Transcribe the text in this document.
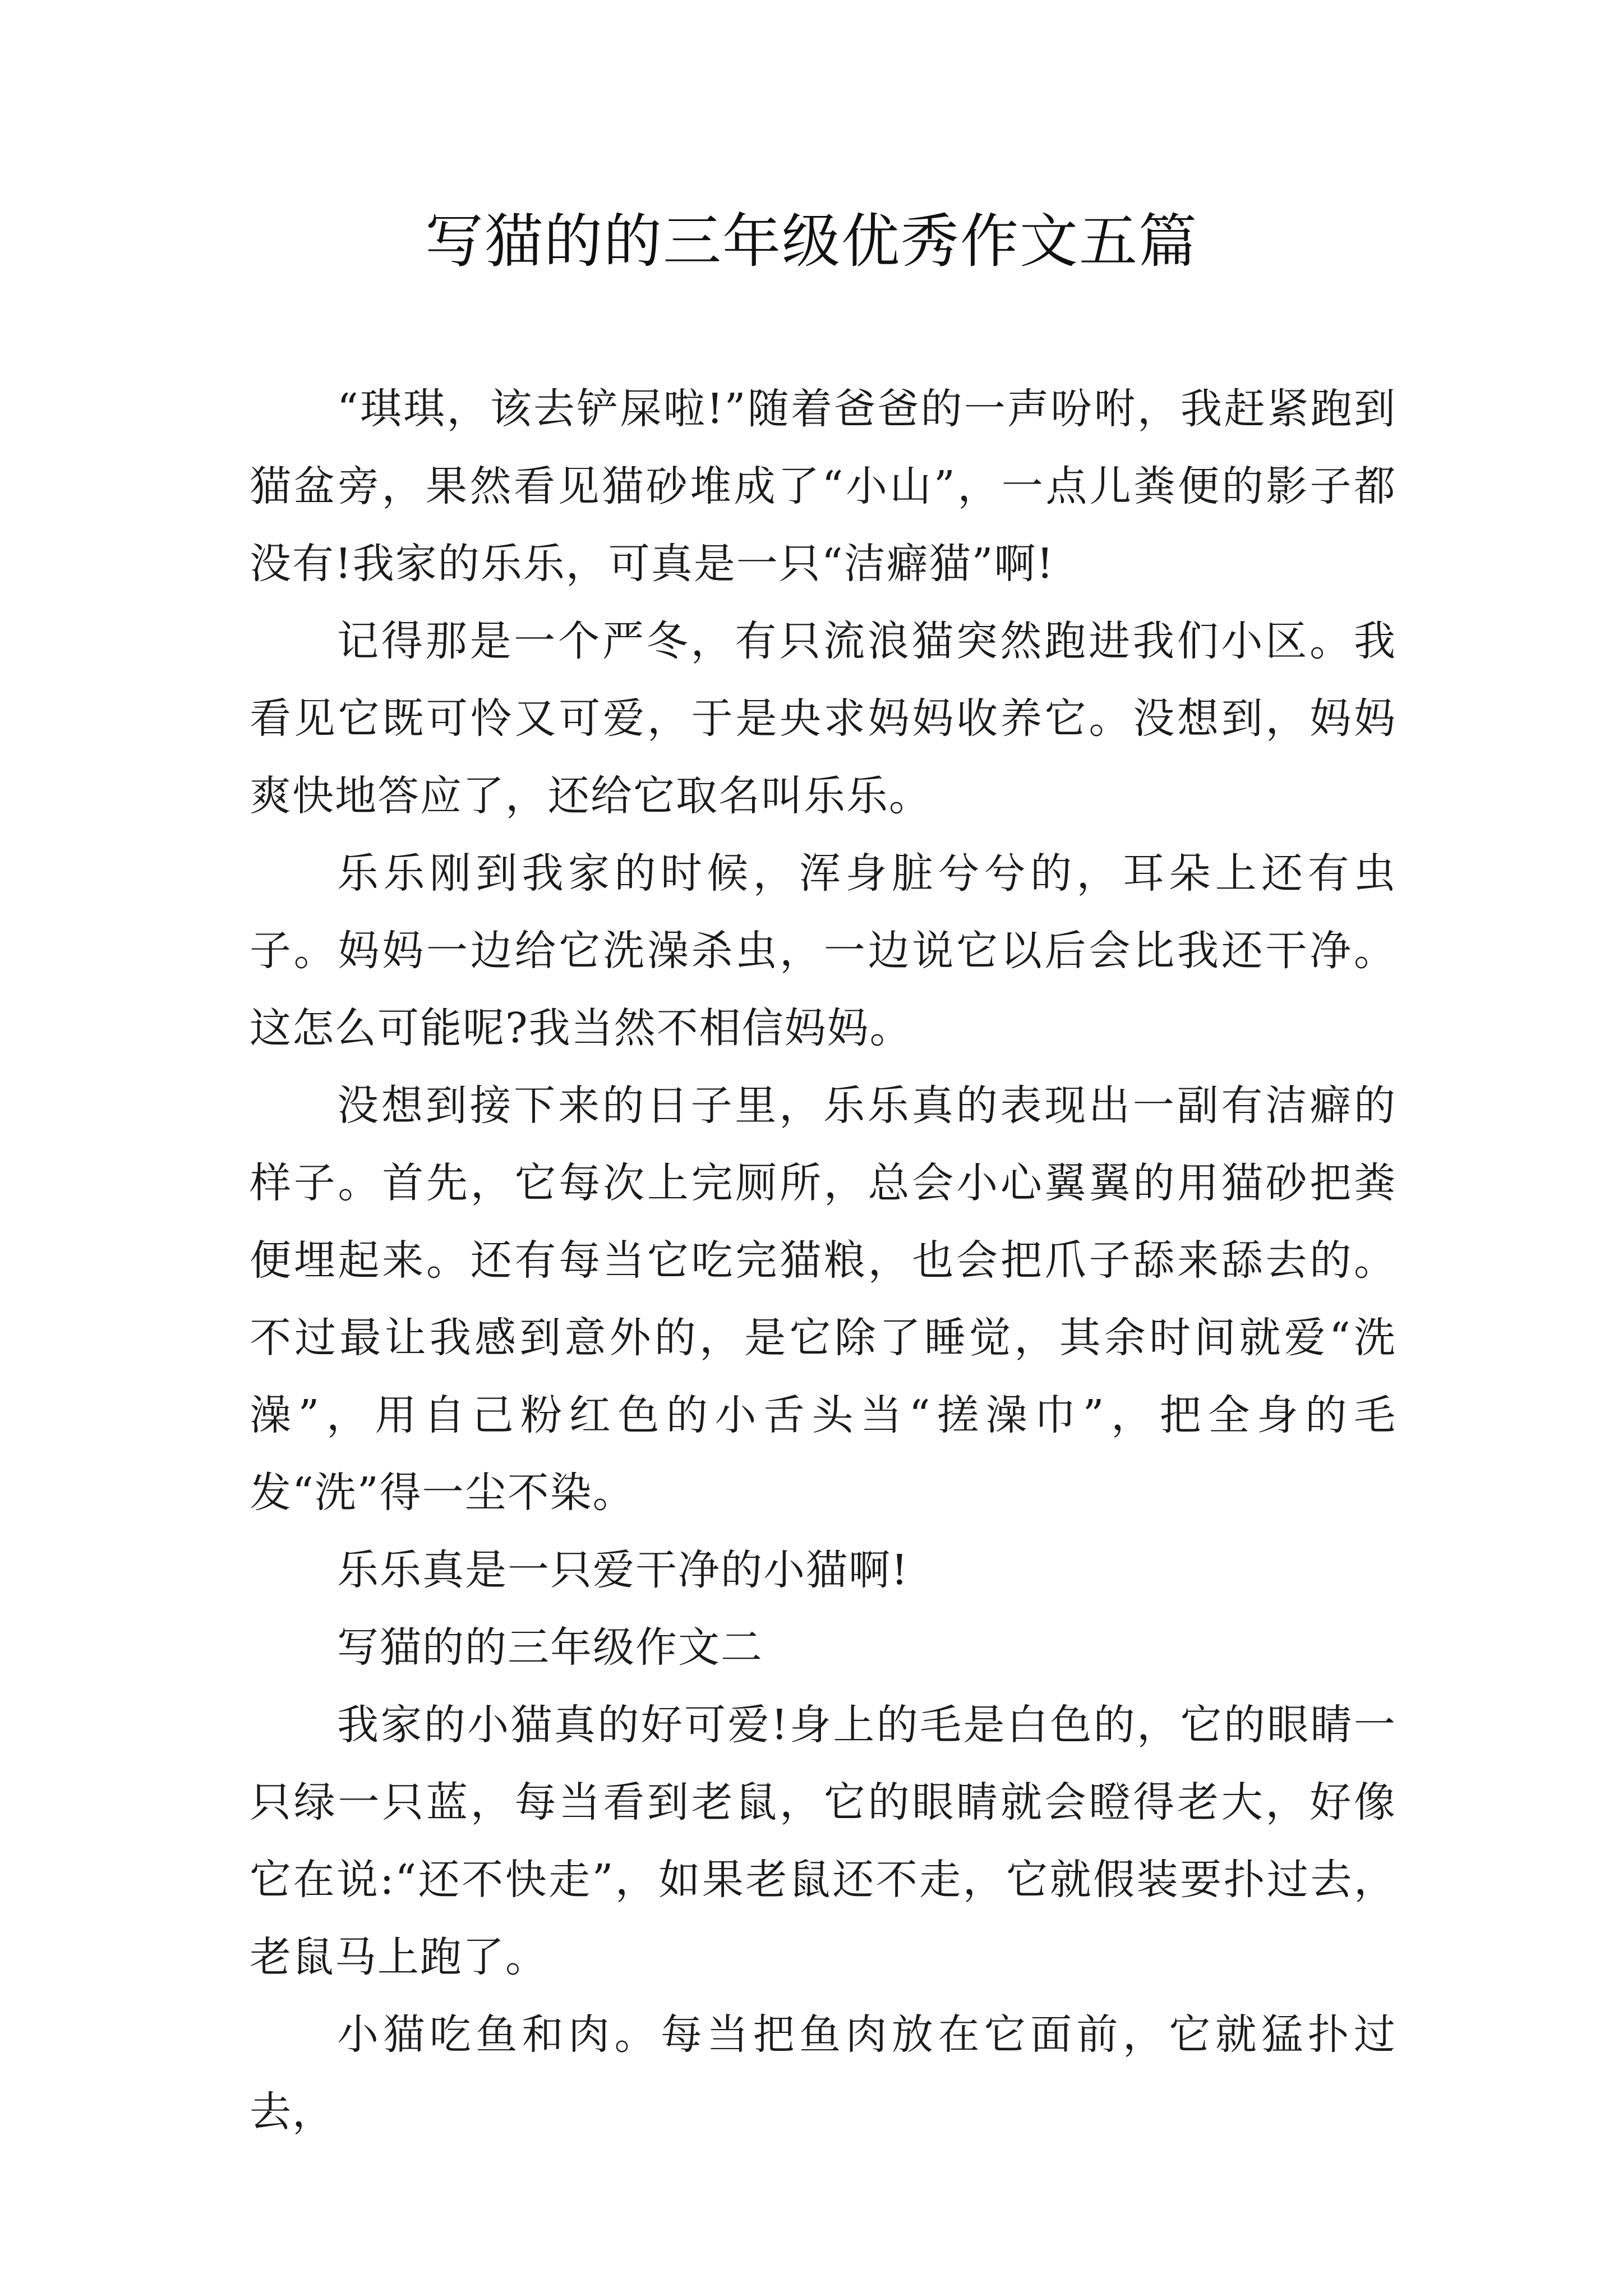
写猫的的三年级优秀作文五篇

“琪琪，该去铲屎啦!”随着爸爸的一声吩咐，我赶紧跑到猫盆旁，果然看见猫砂堆成了“小山”，一点儿粪便的影子都没有!我家的乐乐，可真是一只“洁癖猫”啊!

记得那是一个严冬，有只流浪猫突然跑进我们小区。我看见它既可怜又可爱，于是央求妈妈收养它。没想到，妈妈爽快地答应了，还给它取名叫乐乐。

乐乐刚到我家的时候，浑身脏兮兮的，耳朵上还有虫子。妈妈一边给它洗澡杀虫，一边说它以后会比我还干净。这怎么可能呢?我当然不相信妈妈。

没想到接下来的日子里，乐乐真的表现出一副有洁癖的样子。首先，它每次上完厕所，总会小心翼翼的用猫砂把粪便埋起来。还有每当它吃完猫粮，也会把爪子舔来舔去的。不过最让我感到意外的，是它除了睡觉，其余时间就爱“洗澡”，用自己粉红色的小舌头当“搓澡巾”，把全身的毛发“洗”得一尘不染。

乐乐真是一只爱干净的小猫啊!

写猫的的三年级作文二

我家的小猫真的好可爱!身上的毛是白色的，它的眼睛一只绿一只蓝，每当看到老鼠，它的眼睛就会瞪得老大，好像它在说:“还不快走”，如果老鼠还不走，它就假装要扑过去，老鼠马上跑了。

小猫吃鱼和肉。每当把鱼肉放在它面前，它就猛扑过去，
